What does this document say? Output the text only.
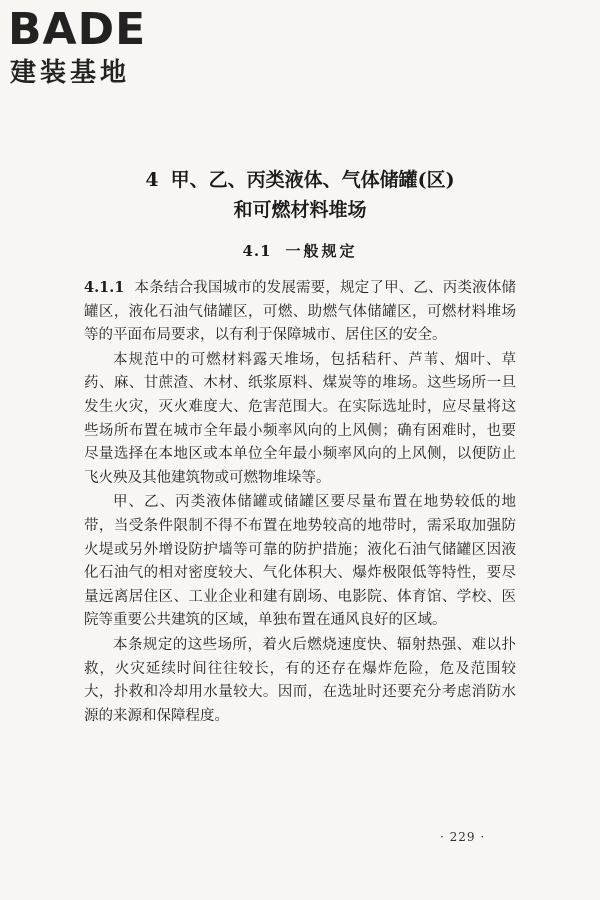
BADE
建装基地
4 甲、乙、丙类液体、气体储罐(区)
和可燃材料堆场
4.1 一般规定

4.1.1 本条结合我国城市的发展需要，规定了甲、乙、丙类液体储罐区，液化石油气储罐区，可燃、助燃气体储罐区，可燃材料堆场等的平面布局要求，以有利于保障城市、居住区的安全。

本规范中的可燃材料露天堆场，包括秸秆、芦苇、烟叶、草药、麻、甘蔗渣、木材、纸浆原料、煤炭等的堆场。这些场所一旦发生火灾，灭火难度大、危害范围大。在实际选址时，应尽量将这些场所布置在城市全年最小频率风向的上风侧；确有困难时，也要尽量选择在本地区或本单位全年最小频率风向的上风侧，以便防止飞火殃及其他建筑物或可燃物堆垛等。

甲、乙、丙类液体储罐或储罐区要尽量布置在地势较低的地带，当受条件限制不得不布置在地势较高的地带时，需采取加强防火堤或另外增设防护墙等可靠的防护措施；液化石油气储罐区因液化石油气的相对密度较大、气化体积大、爆炸极限低等特性，要尽量远离居住区、工业企业和建有剧场、电影院、体育馆、学校、医院等重要公共建筑的区域，单独布置在通风良好的区域。

本条规定的这些场所，着火后燃烧速度快、辐射热强、难以扑救，火灾延续时间往往较长，有的还存在爆炸危险，危及范围较大，扑救和冷却用水量较大。因而，在选址时还要充分考虑消防水源的来源和保障程度。

· 229 ·
